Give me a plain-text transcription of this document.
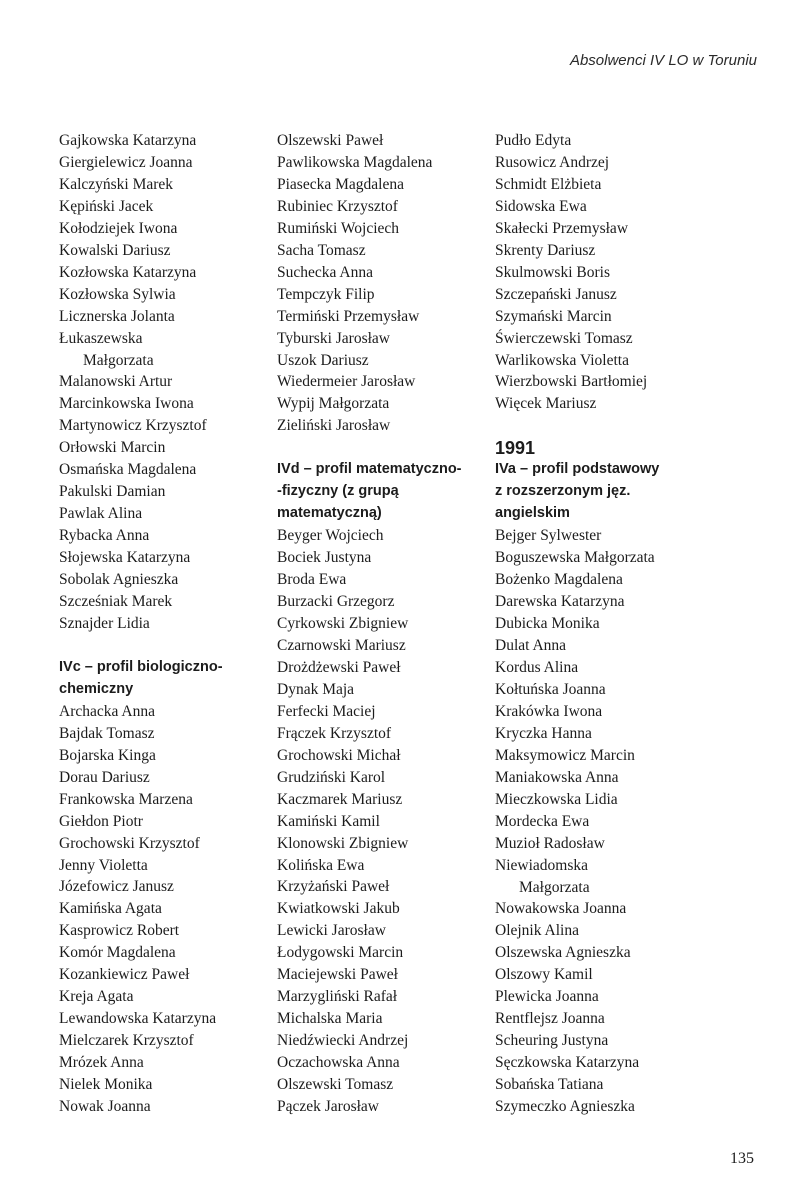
Absolwenci IV LO w Toruniu
Gajkowska Katarzyna
Giergielewicz Joanna
Kalczyński Marek
Kępiński Jacek
Kołodziejek Iwona
Kowalski Dariusz
Kozłowska Katarzyna
Kozłowska Sylwia
Licznerska Jolanta
Łukaszewska
Małgorzata
Malanowski Artur
Marcinkowska Iwona
Martynowicz Krzysztof
Orłowski Marcin
Osmańska Magdalena
Pakulski Damian
Pawlak Alina
Rybacka Anna
Słojewska Katarzyna
Sobolak Agnieszka
Szcześniak Marek
Sznajder Lidia
IVc – profil biologiczno-
chemiczny
Archacka Anna
Bajdak Tomasz
Bojarska Kinga
Dorau Dariusz
Frankowska Marzena
Giełdon Piotr
Grochowski Krzysztof
Jenny Violetta
Józefowicz Janusz
Kamińska Agata
Kasprowicz Robert
Komór Magdalena
Kozankiewicz Paweł
Kreja Agata
Lewandowska Katarzyna
Mielczarek Krzysztof
Mrózek Anna
Nielek Monika
Nowak Joanna
Olszewski Paweł
Pawlikowska Magdalena
Piasecka Magdalena
Rubiniec Krzysztof
Rumiński Wojciech
Sacha Tomasz
Suchecka Anna
Tempczyk Filip
Termiński Przemysław
Tyburski Jarosław
Uszok Dariusz
Wiedermeier Jarosław
Wypij Małgorzata
Zieliński Jarosław
IVd – profil matematyczno-
-fizyczny (z grupą
matematyczną)
Beyger Wojciech
Bociek Justyna
Broda Ewa
Burzacki Grzegorz
Cyrkowski Zbigniew
Czarnowski Mariusz
Drożdżewski Paweł
Dynak Maja
Ferfecki Maciej
Frączek Krzysztof
Grochowski Michał
Grudziński Karol
Kaczmarek Mariusz
Kamiński Kamil
Klonowski Zbigniew
Kolińska Ewa
Krzyżański Paweł
Kwiatkowski Jakub
Lewicki Jarosław
Łodygowski Marcin
Maciejewski Paweł
Marzygliński Rafał
Michalska Maria
Niedźwiecki Andrzej
Oczachowska Anna
Olszewski Tomasz
Pączek Jarosław
Pudło Edyta
Rusowicz Andrzej
Schmidt Elżbieta
Sidowska Ewa
Skałecki Przemysław
Skrenty Dariusz
Skulmowski Boris
Szczepański Janusz
Szymański Marcin
Świerczewski Tomasz
Warlikowska Violetta
Wierzbowski Bartłomiej
Więcek Mariusz
1991
IVa – profil podstawowy
z rozszerzonym jęz.
angielskim
Bejger Sylwester
Boguszewska Małgorzata
Bożenko Magdalena
Darewska Katarzyna
Dubicka Monika
Dulat Anna
Kordus Alina
Kołtuńska Joanna
Krakówka Iwona
Kryczka Hanna
Maksymowicz Marcin
Maniakowska Anna
Mieczkowska Lidia
Mordecka Ewa
Muzioł Radosław
Niewiadomska
Małgorzata
Nowakowska Joanna
Olejnik Alina
Olszewska Agnieszka
Olszowy Kamil
Plewicka Joanna
Rentflejsz Joanna
Scheuring Justyna
Sęczkowska Katarzyna
Sobańska Tatiana
Szymeczko Agnieszka
135
